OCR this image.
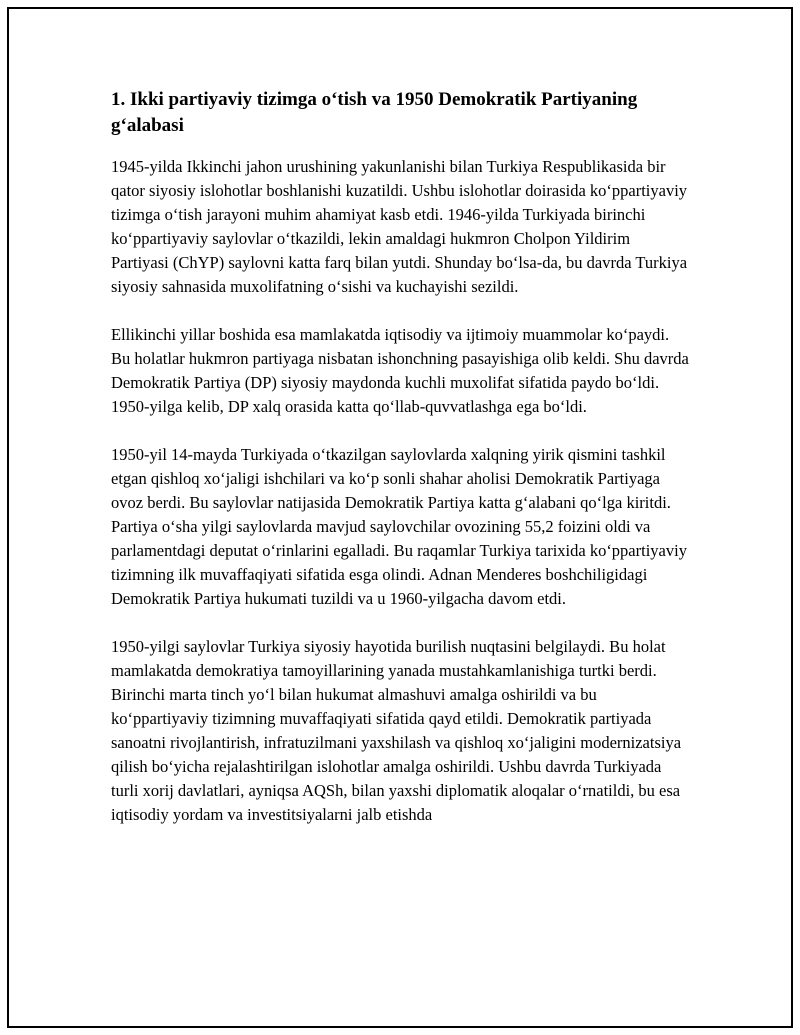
1. Ikki partiyaviy tizimga o‘tish va 1950 Demokratik Partiyaning g‘alabasi

1945-yilda Ikkinchi jahon urushining yakunlanishi bilan Turkiya Respublikasida bir qator siyosiy islohotlar boshlanishi kuzatildi. Ushbu islohotlar doirasida ko‘ppartiyaviy tizimga o‘tish jarayoni muhim ahamiyat kasb etdi. 1946-yilda Turkiyada birinchi ko‘ppartiyaviy saylovlar o‘tkazildi, lekin amaldagi hukmron Cholpon Yildirim Partiyasi (ChYP) saylovni katta farq bilan yutdi. Shunday bo‘lsa-da, bu davrda Turkiya siyosiy sahnasida muxolifatning o‘sishi va kuchayishi sezildi.

Ellikinchi yillar boshida esa mamlakatda iqtisodiy va ijtimoiy muammolar ko‘paydi. Bu holatlar hukmron partiyaga nisbatan ishonchning pasayishiga olib keldi. Shu davrda Demokratik Partiya (DP) siyosiy maydonda kuchli muxolifat sifatida paydo bo‘ldi. 1950-yilga kelib, DP xalq orasida katta qo‘llab-quvvatlashga ega bo‘ldi.

1950-yil 14-mayda Turkiyada o‘tkazilgan saylovlarda xalqning yirik qismini tashkil etgan qishloq xo‘jaligi ishchilari va ko‘p sonli shahar aholisi Demokratik Partiyaga ovoz berdi. Bu saylovlar natijasida Demokratik Partiya katta g‘alabani qo‘lga kiritdi. Partiya o‘sha yilgi saylovlarda mavjud saylovchilar ovozining 55,2 foizini oldi va parlamentdagi deputat o‘rinlarini egalladi. Bu raqamlar Turkiya tarixida ko‘ppartiyaviy tizimning ilk muvaffaqiyati sifatida esga olindi. Adnan Menderes boshchiligidagi Demokratik Partiya hukumati tuzildi va u 1960-yilgacha davom etdi.

1950-yilgi saylovlar Turkiya siyosiy hayotida burilish nuqtasini belgilaydi. Bu holat mamlakatda demokratiya tamoyillarining yanada mustahkamlanishiga turtki berdi. Birinchi marta tinch yo‘l bilan hukumat almashuvi amalga oshirildi va bu ko‘ppartiyaviy tizimning muvaffaqiyati sifatida qayd etildi. Demokratik partiyada sanoatni rivojlantirish, infratuzilmani yaxshilash va qishloq xo‘jaligini modernizatsiya qilish bo‘yicha rejalashtirilgan islohotlar amalga oshirildi. Ushbu davrda Turkiyada turli xorij davlatlari, ayniqsa AQSh, bilan yaxshi diplomatik aloqalar o‘rnatildi, bu esa iqtisodiy yordam va investitsiyalarni jalb etishda
